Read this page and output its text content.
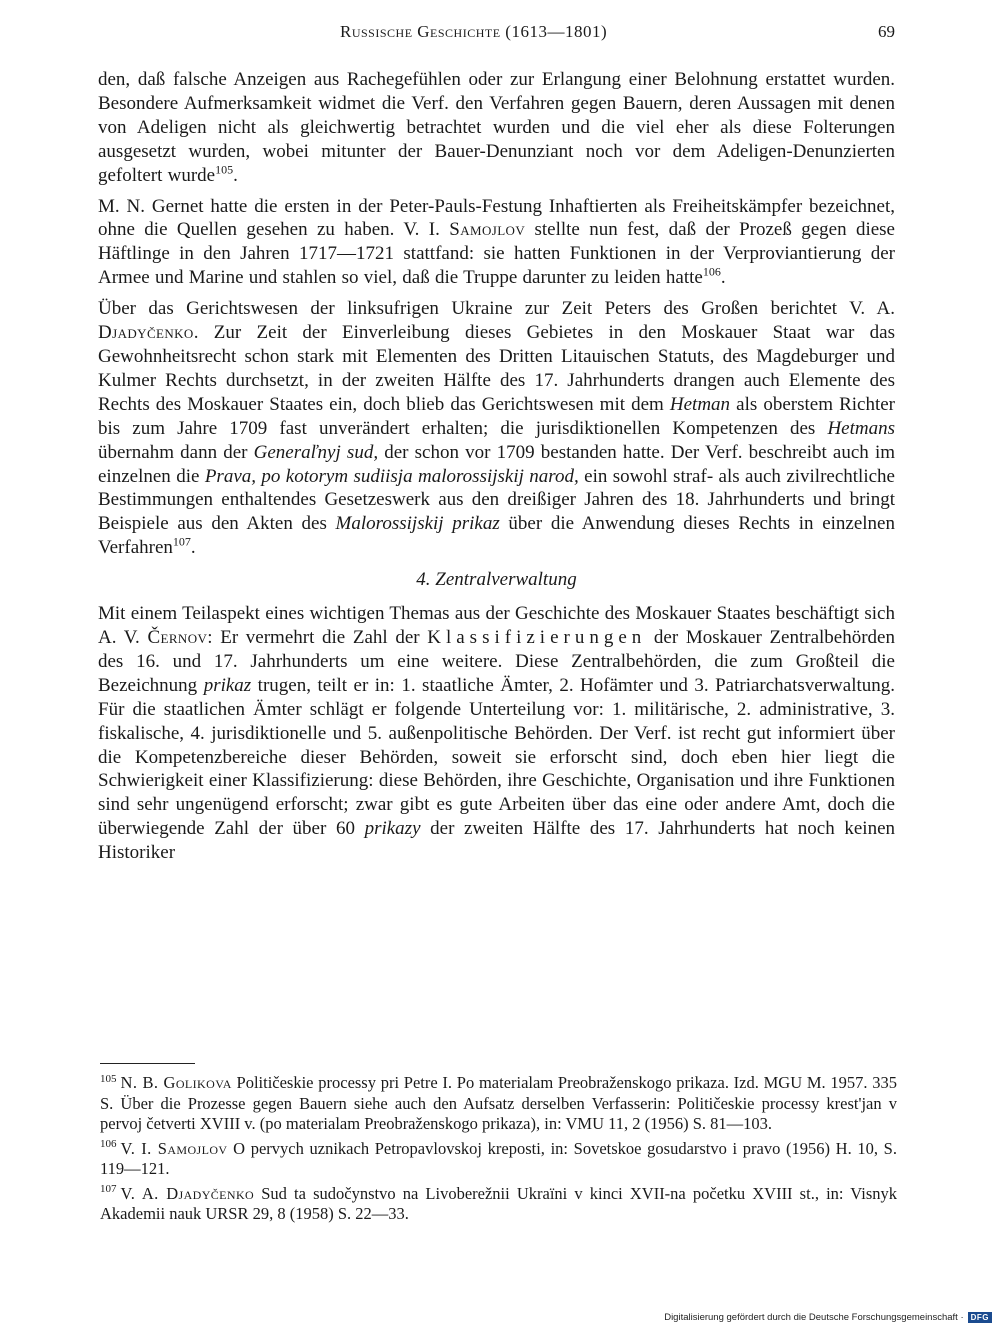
Russische Geschichte (1613—1801)	69

den, daß falsche Anzeigen aus Rachegefühlen oder zur Erlangung einer Belohnung erstattet wurden. Besondere Aufmerksamkeit widmet die Verf. den Verfahren gegen Bauern, deren Aussagen mit denen von Adeligen nicht als gleichwertig betrachtet wurden und die viel eher als diese Folterungen ausgesetzt wurden, wobei mitunter der Bauer-Denunziant noch vor dem Adeligen-Denunzierten gefoltert wurde$^{105}$.

M. N. Gernet hatte die ersten in der Peter-Pauls-Festung Inhaftierten als Freiheitskämpfer bezeichnet, ohne die Quellen gesehen zu haben. V. I. Samojlov stellte nun fest, daß der Prozeß gegen diese Häftlinge in den Jahren 1717—1721 stattfand: sie hatten Funktionen in der Verproviantierung der Armee und Marine und stahlen so viel, daß die Truppe darunter zu leiden hatte$^{106}$.

Über das Gerichtswesen der linksufrigen Ukraine zur Zeit Peters des Großen berichtet V. A. Djadyčenko. Zur Zeit der Einverleibung dieses Gebietes in den Moskauer Staat war das Gewohnheitsrecht schon stark mit Elementen des Dritten Litauischen Statuts, des Magdeburger und Kulmer Rechts durchsetzt, in der zweiten Hälfte des 17. Jahrhunderts drangen auch Elemente des Rechts des Moskauer Staates ein, doch blieb das Gerichtswesen mit dem Hetman als oberstem Richter bis zum Jahre 1709 fast unverändert erhalten; die jurisdiktionellen Kompetenzen des Hetmans übernahm dann der Generaľnyj sud, der schon vor 1709 bestanden hatte. Der Verf. beschreibt auch im einzelnen die Prava, po kotorym sudiisja malorossijskij narod, ein sowohl straf- als auch zivilrechtliche Bestimmungen enthaltendes Gesetzeswerk aus den dreißiger Jahren des 18. Jahrhunderts und bringt Beispiele aus den Akten des Malorossijskij prikaz über die Anwendung dieses Rechts in einzelnen Verfahren$^{107}$.

4. Zentralverwaltung

Mit einem Teilaspekt eines wichtigen Themas aus der Geschichte des Moskauer Staates beschäftigt sich A. V. Černov: Er vermehrt die Zahl der Klassifizierungen der Moskauer Zentralbehörden des 16. und 17. Jahrhunderts um eine weitere. Diese Zentralbehörden, die zum Großteil die Bezeichnung prikaz trugen, teilt er in: 1. staatliche Ämter, 2. Hofämter und 3. Patriarchatsverwaltung. Für die staatlichen Ämter schlägt er folgende Unterteilung vor: 1. militärische, 2. administrative, 3. fiskalische, 4. jurisdiktionelle und 5. außenpolitische Behörden. Der Verf. ist recht gut informiert über die Kompetenzbereiche dieser Behörden, soweit sie erforscht sind, doch eben hier liegt die Schwierigkeit einer Klassifizierung: diese Behörden, ihre Geschichte, Organisation und ihre Funktionen sind sehr ungenügend erforscht; zwar gibt es gute Arbeiten über das eine oder andere Amt, doch die überwiegende Zahl der über 60 prikazy der zweiten Hälfte des 17. Jahrhunderts hat noch keinen Historiker

$^{105}$ N. B. Golikova Političeskie processy pri Petre I. Po materialam Preobraženskogo prikaza. Izd. MGU M. 1957. 335 S. Über die Prozesse gegen Bauern siehe auch den Aufsatz derselben Verfasserin: Političeskie processy krest'jan v pervoj četverti XVIII v. (po materialam Preobraženskogo prikaza), in: VMU 11, 2 (1956) S. 81—103.

$^{106}$ V. I. Samojlov O pervych uznikach Petropavlovskoj kreposti, in: Sovetskoe gosudarstvo i pravo (1956) H. 10, S. 119—121.

$^{107}$ V. A. Djadyčenko Sud ta sudočynstvo na Livoberežnii Ukraïni v kinci XVII-na početku XVIII st., in: Visnyk Akademii nauk URSR 29, 8 (1958) S. 22—33.

Digitalisierung gefördert durch die Deutsche Forschungsgemeinschaft · DFG
